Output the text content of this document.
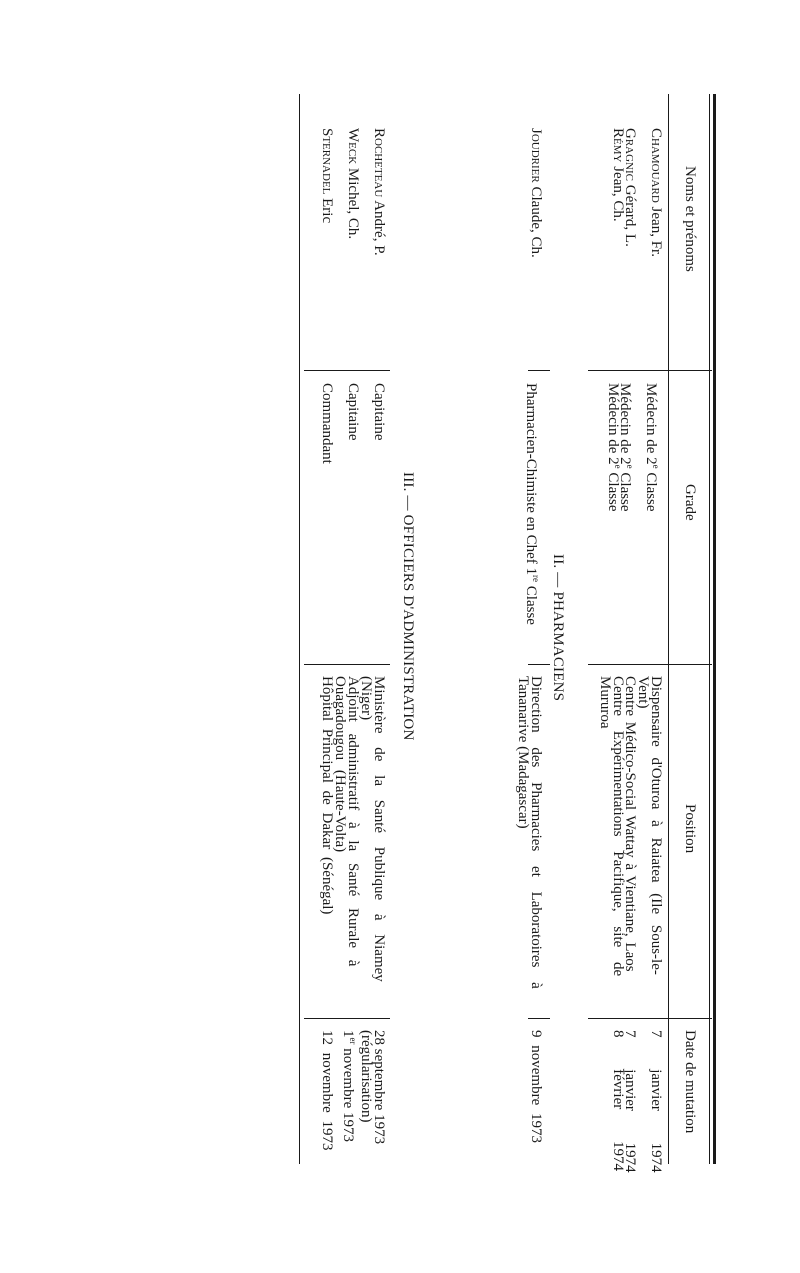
Noms et prénoms
Grade
Position
Date de mutation
Chamouard Jean, Fr.
Médecin de 2e Classe
Dispensaire d'Oturoa à Raiatea (Ile Sous-le-
Vent)
7 janvier 1974
Gragnic Gérard, L.
Médecin de 2e Classe
Centre Médico-Social Wattay à Vientiane, Laos
7 janvier 1974
Rémy Jean, Ch.
Médecin de 2e Classe
Centre Expérimentations Pacifique, site de
Mururoa
8 février 1974
II. — PHARMACIENS
Joudrier Claude, Ch.
Pharmacien-Chimiste en Chef 1re Classe
Direction des Pharmacies et Laboratoires à
Tananarive (Madagascar)
9 novembre 1973
III. — OFFICIERS D'ADMINISTRATION
Rocheteau André, P.
Capitaine
Ministère de la Santé Publique à Niamey
(Niger)
28 septembre 1973
(régularisation)
Weck Michel, Ch.
Capitaine
Adjoint administratif à la Santé Rurale à
Ouagadougou (Haute-Volta)
1er novembre 1973
Sternadel Eric
Commandant
Hôpital Principal de Dakar (Sénégal)
12 novembre 1973
